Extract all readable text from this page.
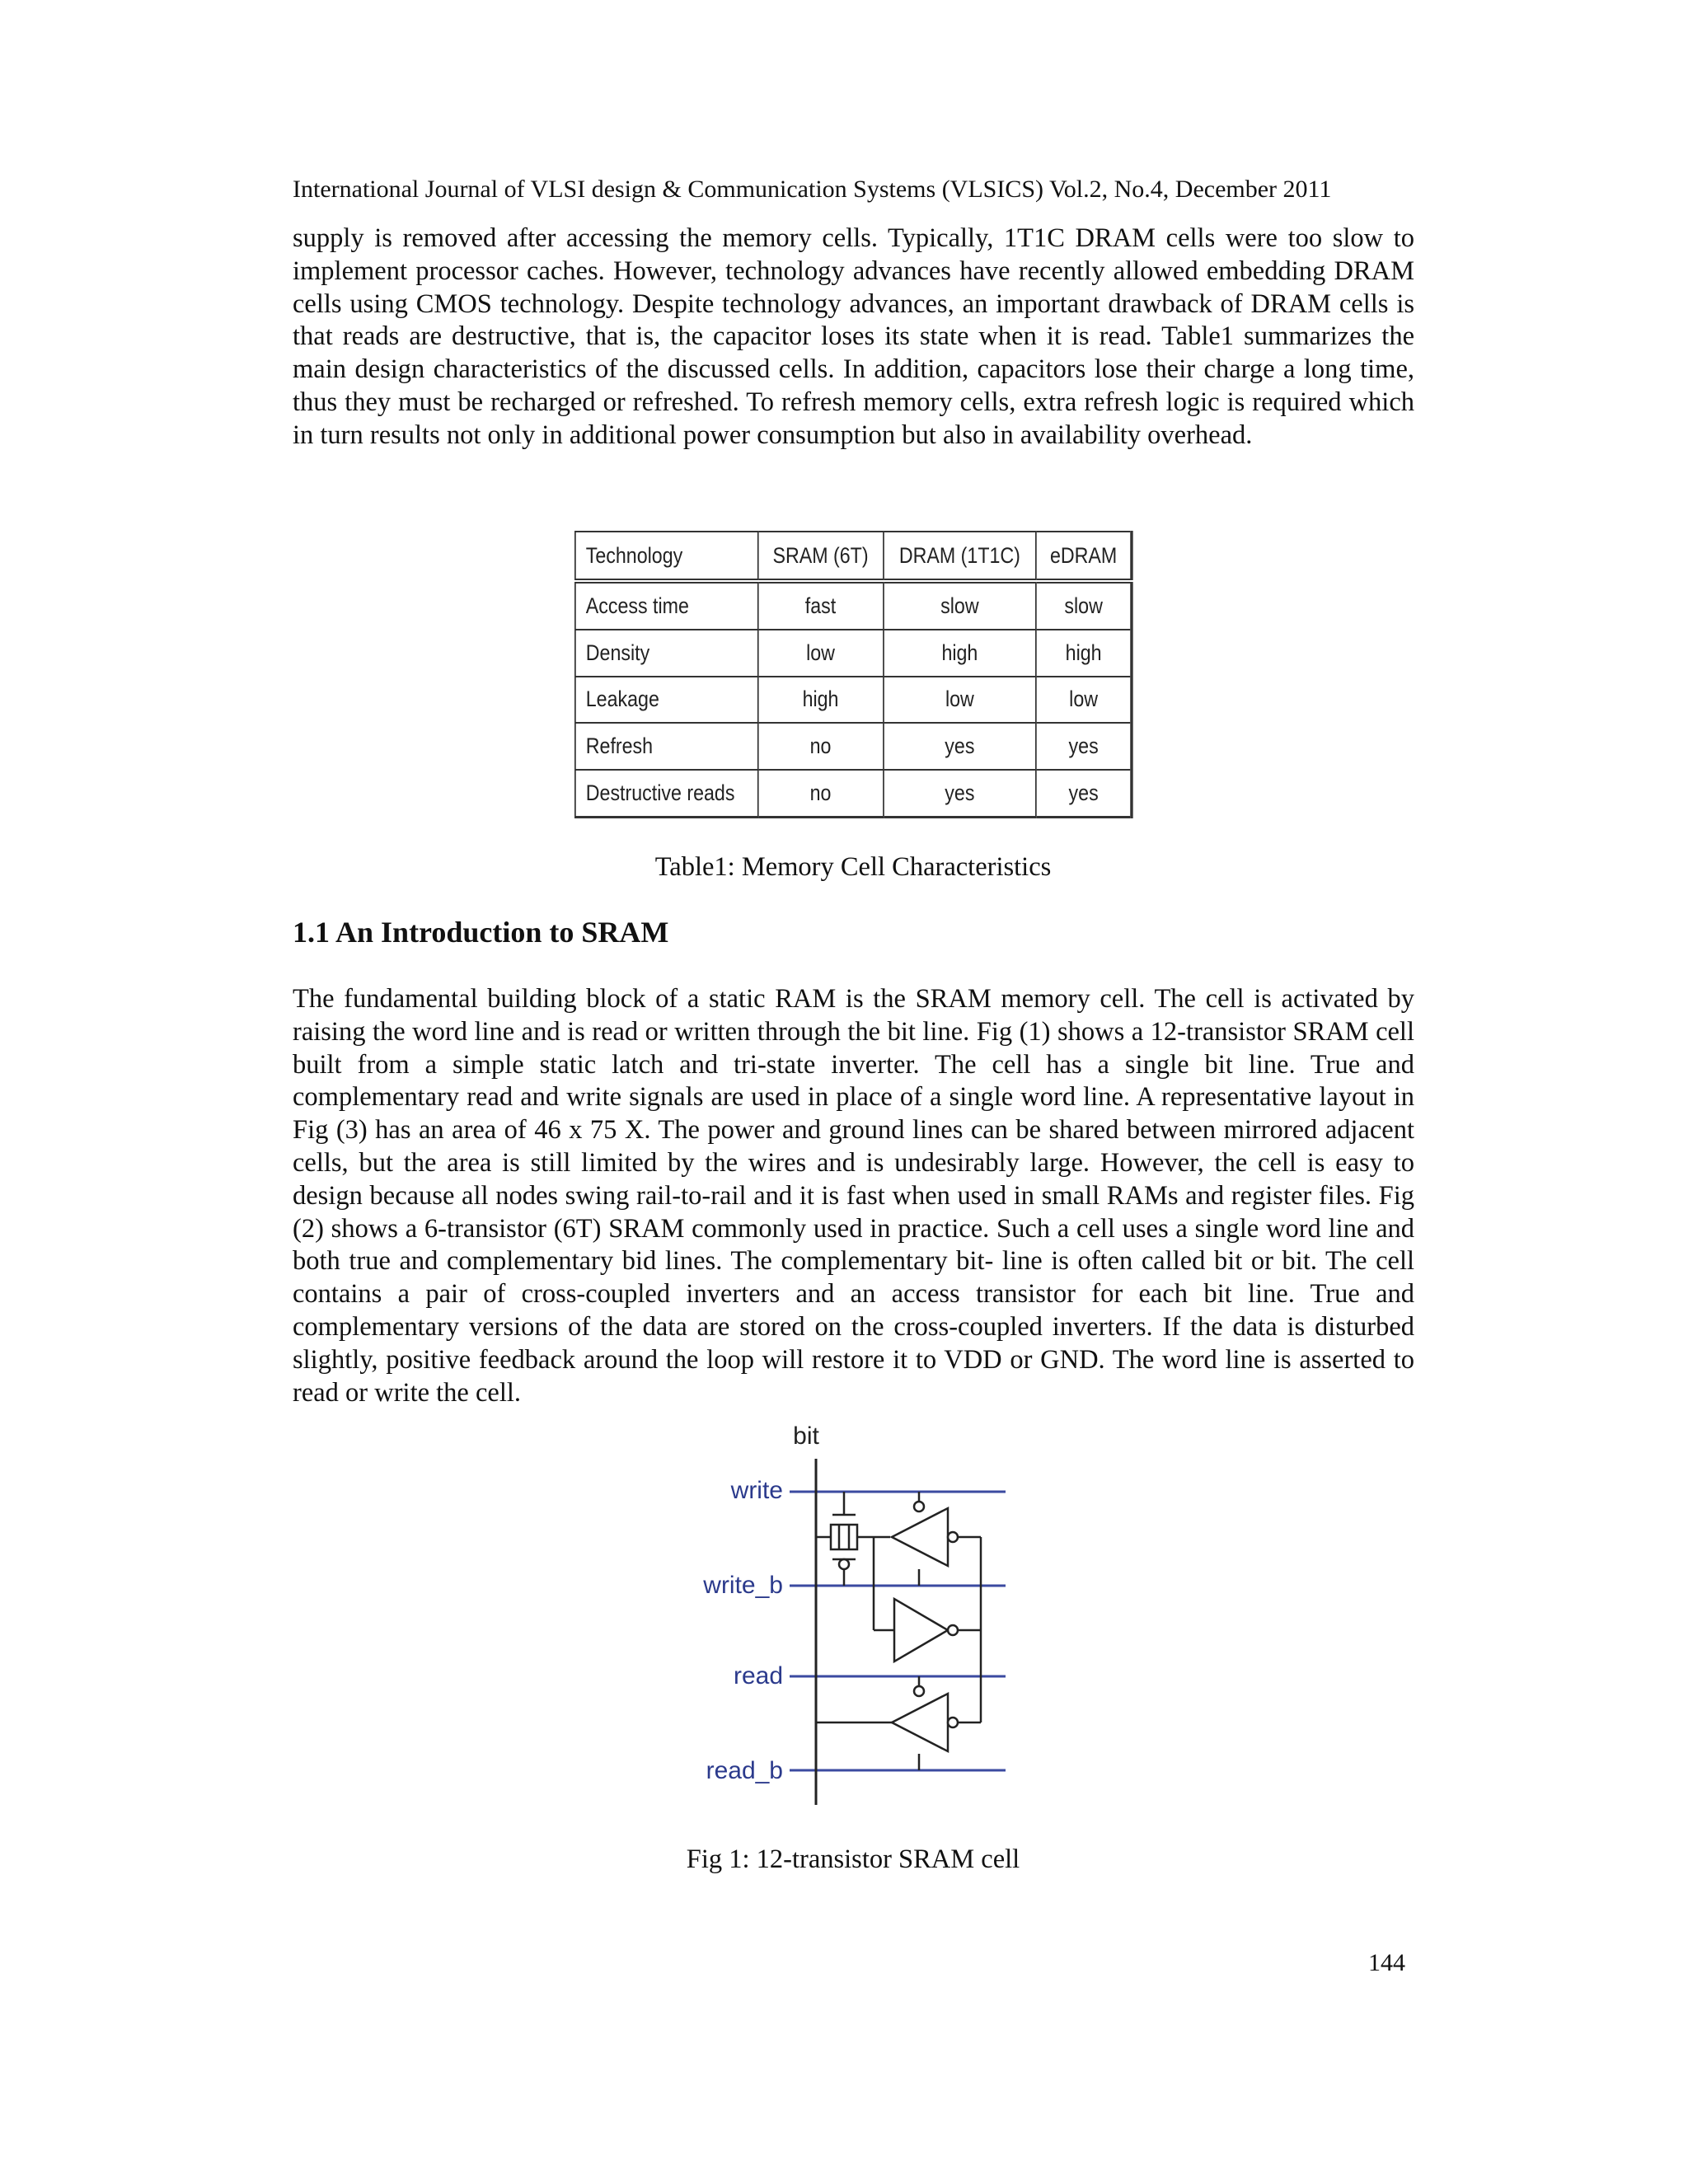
International Journal of VLSI design & Communication Systems (VLSICS) Vol.2, No.4, December 2011

supply is removed after accessing the memory cells. Typically, 1T1C DRAM cells were too slow to implement processor caches. However, technology advances have recently allowed embedding DRAM cells using CMOS technology. Despite technology advances, an important drawback of DRAM cells is that reads are destructive, that is, the capacitor loses its state when it is read. Table1 summarizes the main design characteristics of the discussed cells. In addition, capacitors lose their charge a long time, thus they must be recharged or refreshed. To refresh memory cells, extra refresh logic is required which in turn results not only in additional power consumption but also in availability overhead.

Technology	SRAM (6T)	DRAM (1T1C)	eDRAM
Access time	fast	slow	slow
Density	low	high	high
Leakage	high	low	low
Refresh	no	yes	yes
Destructive reads	no	yes	yes
Table1: Memory Cell Characteristics
1.1 An Introduction to SRAM

The fundamental building block of a static RAM is the SRAM memory cell. The cell is activated by raising the word line and is read or written through the bit line. Fig (1) shows a 12-transistor SRAM cell built from a simple static latch and tri-state inverter. The cell has a single bit line. True and complementary read and write signals are used in place of a single word line. A representative layout in Fig (3) has an area of 46 x 75 X. The power and ground lines can be shared between mirrored adjacent cells, but the area is still limited by the wires and is undesirably large. However, the cell is easy to design because all nodes swing rail-to-rail and it is fast when used in small RAMs and register files. Fig (2) shows a 6-transistor (6T) SRAM commonly used in practice. Such a cell uses a single word line and both true and complementary bid lines. The complementary bit- line is often called bit or bit. The cell contains a pair of cross-coupled inverters and an access transistor for each bit line. True and complementary versions of the data are stored on the cross-coupled inverters. If the data is disturbed slightly, positive feedback around the loop will restore it to VDD or GND. The word line is asserted to read or write the cell.

bit
write
write_b
read
read_b
Fig 1: 12-transistor SRAM cell
144
